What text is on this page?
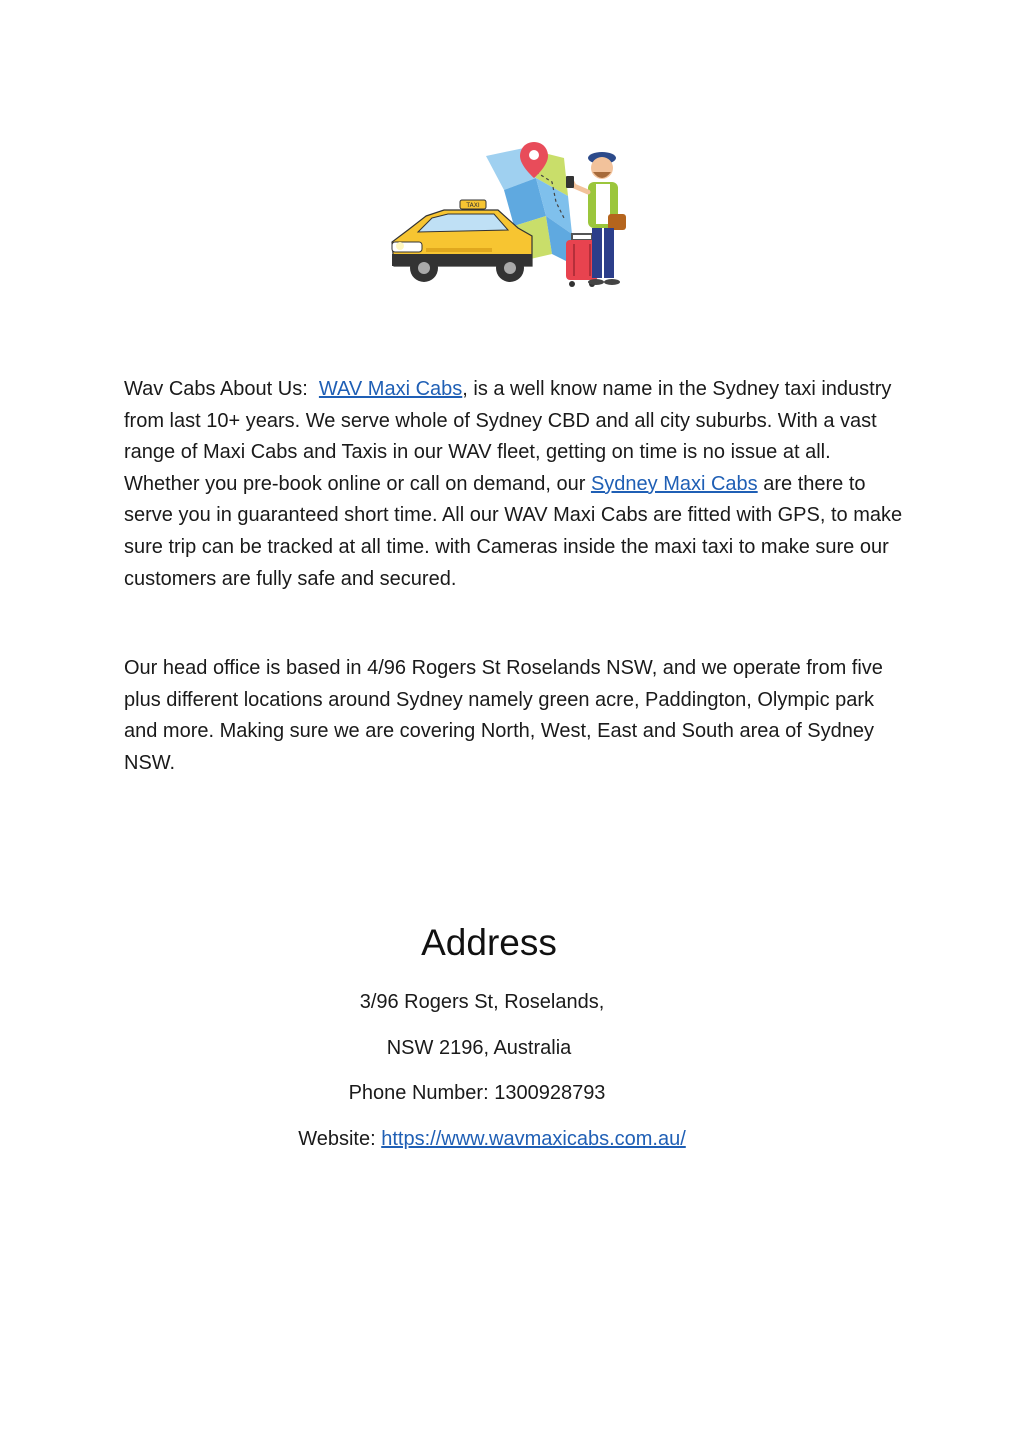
TAXI

Wav Cabs About Us:  WAV Maxi Cabs, is a well know name in the Sydney taxi industry from last 10+ years. We serve whole of Sydney CBD and all city suburbs. With a vast range of Maxi Cabs and Taxis in our WAV fleet, getting on time is no issue at all. Whether you pre-book online or call on demand, our Sydney Maxi Cabs are there to serve you in guaranteed short time. All our WAV Maxi Cabs are fitted with GPS, to make sure trip can be tracked at all time. with Cameras inside the maxi taxi to make sure our customers are fully safe and secured.

Our head office is based in 4/96 Rogers St Roselands NSW, and we operate from five plus different locations around Sydney namely green acre, Paddington, Olympic park and more. Making sure we are covering North, West, East and South area of Sydney NSW.

Address
3/96 Rogers St, Roselands,
NSW 2196, Australia
Phone Number: 1300928793
Website: https://www.wavmaxicabs.com.au/
